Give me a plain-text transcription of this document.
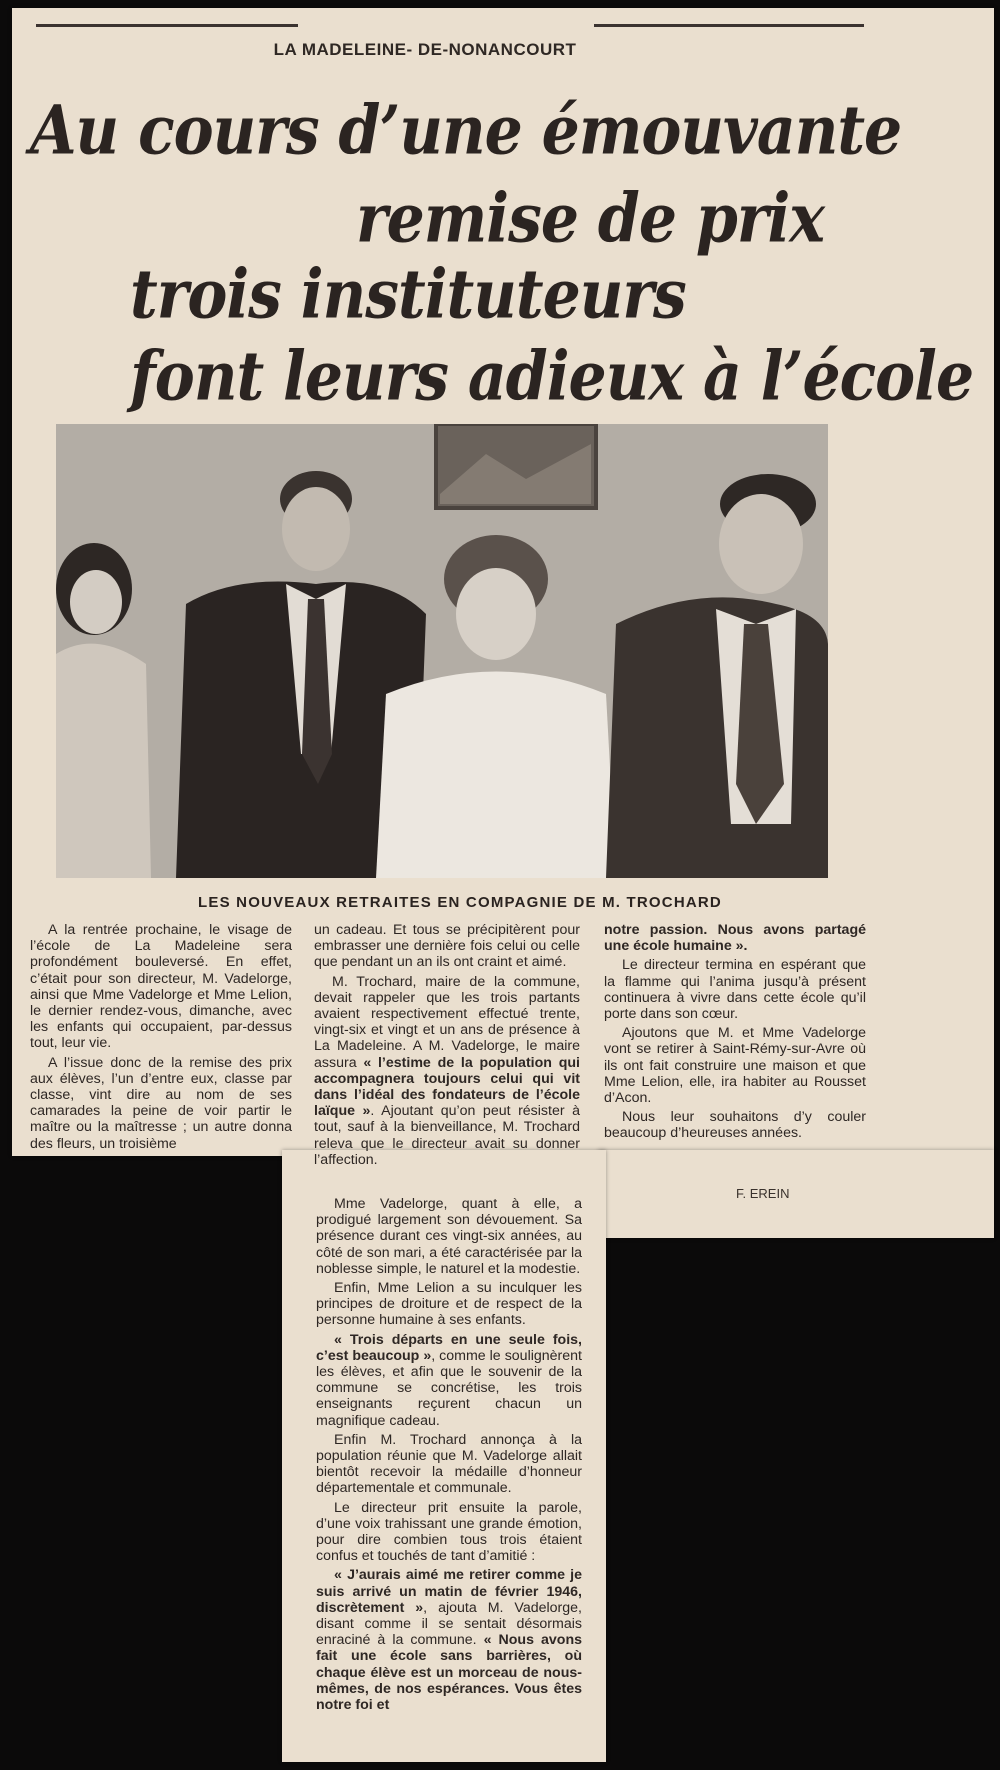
LA MADELEINE- DE-NONANCOURT
Au cours d’une émouvante
remise de prix
trois instituteurs
font leurs adieux à l’école
LES NOUVEAUX RETRAITES EN COMPAGNIE DE M. TROCHARD

A la rentrée prochaine, le visage de l’école de La Madeleine sera profondément bouleversé. En effet, c’était pour son directeur, M. Vadelorge, ainsi que Mme Vadelorge et Mme Lelion, le dernier rendez-vous, dimanche, avec les enfants qui occupaient, par-dessus tout, leur vie.

A l’issue donc de la remise des prix aux élèves, l’un d’entre eux, classe par classe, vint dire au nom de ses camarades la peine de voir partir le maître ou la maîtresse ; un autre donna des fleurs, un troisième

un cadeau. Et tous se précipitèrent pour embrasser une dernière fois celui ou celle que pendant un an ils ont craint et aimé.

M. Trochard, maire de la commune, devait rappeler que les trois partants avaient respectivement effectué trente, vingt-six et vingt et un ans de présence à La Madeleine. A M. Vadelorge, le maire assura « l’estime de la population qui accompagnera toujours celui qui vit dans l’idéal des fondateurs de l’école laïque ». Ajoutant qu’on peut résister à tout, sauf à la bienveillance, M. Trochard releva que le directeur avait su donner l’affection.

notre passion. Nous avons partagé une école humaine ».

Le directeur termina en espérant que la flamme qui l’anima jusqu’à présent continuera à vivre dans cette école qu’il porte dans son cœur.

Ajoutons que M. et Mme Vadelorge vont se retirer à Saint-Rémy-sur-Avre où ils ont fait construire une maison et que Mme Lelion, elle, ira habiter au Rousset d’Acon.

Nous leur souhaitons d’y couler beaucoup d’heureuses années.

F. EREIN

Mme Vadelorge, quant à elle, a prodigué largement son dévouement. Sa présence durant ces vingt-six années, au côté de son mari, a été caractérisée par la noblesse simple, le naturel et la modestie.

Enfin, Mme Lelion a su inculquer les principes de droiture et de respect de la personne humaine à ses enfants.

« Trois départs en une seule fois, c’est beaucoup », comme le soulignèrent les élèves, et afin que le souvenir de la commune se concrétise, les trois enseignants reçurent chacun un magnifique cadeau.

Enfin M. Trochard annonça à la population réunie que M. Vadelorge allait bientôt recevoir la médaille d’honneur départementale et communale.

Le directeur prit ensuite la parole, d’une voix trahissant une grande émotion, pour dire combien tous trois étaient confus et touchés de tant d’amitié :

« J’aurais aimé me retirer comme je suis arrivé un matin de février 1946, discrètement », ajouta M. Vadelorge, disant comme il se sentait désormais enraciné à la commune. « Nous avons fait une école sans barrières, où chaque élève est un morceau de nous-mêmes, de nos espérances. Vous êtes notre foi et
